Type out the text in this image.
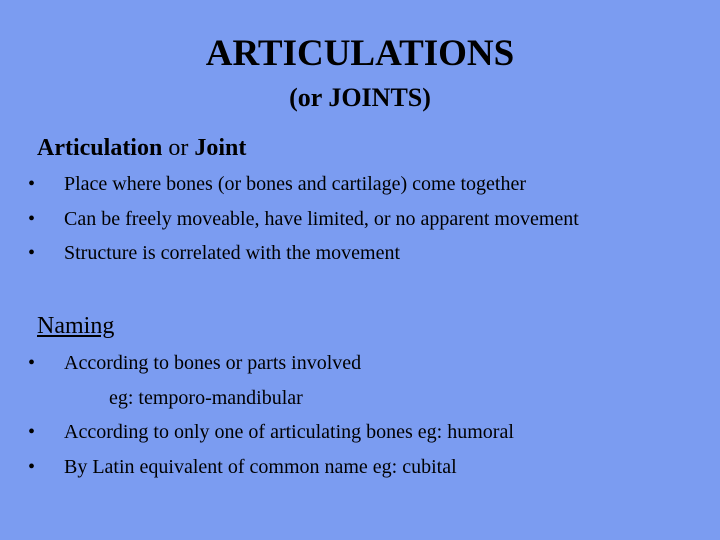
ARTICULATIONS
(or JOINTS)
Articulation or Joint
•	Place where bones (or bones and cartilage) come together
•	Can be freely moveable, have limited, or no apparent movement
•	Structure is correlated with the movement
Naming
•	According to bones or parts involved
eg: temporo-mandibular
•	According to only one of articulating bones eg: humoral
•	By Latin equivalent of common name eg: cubital
